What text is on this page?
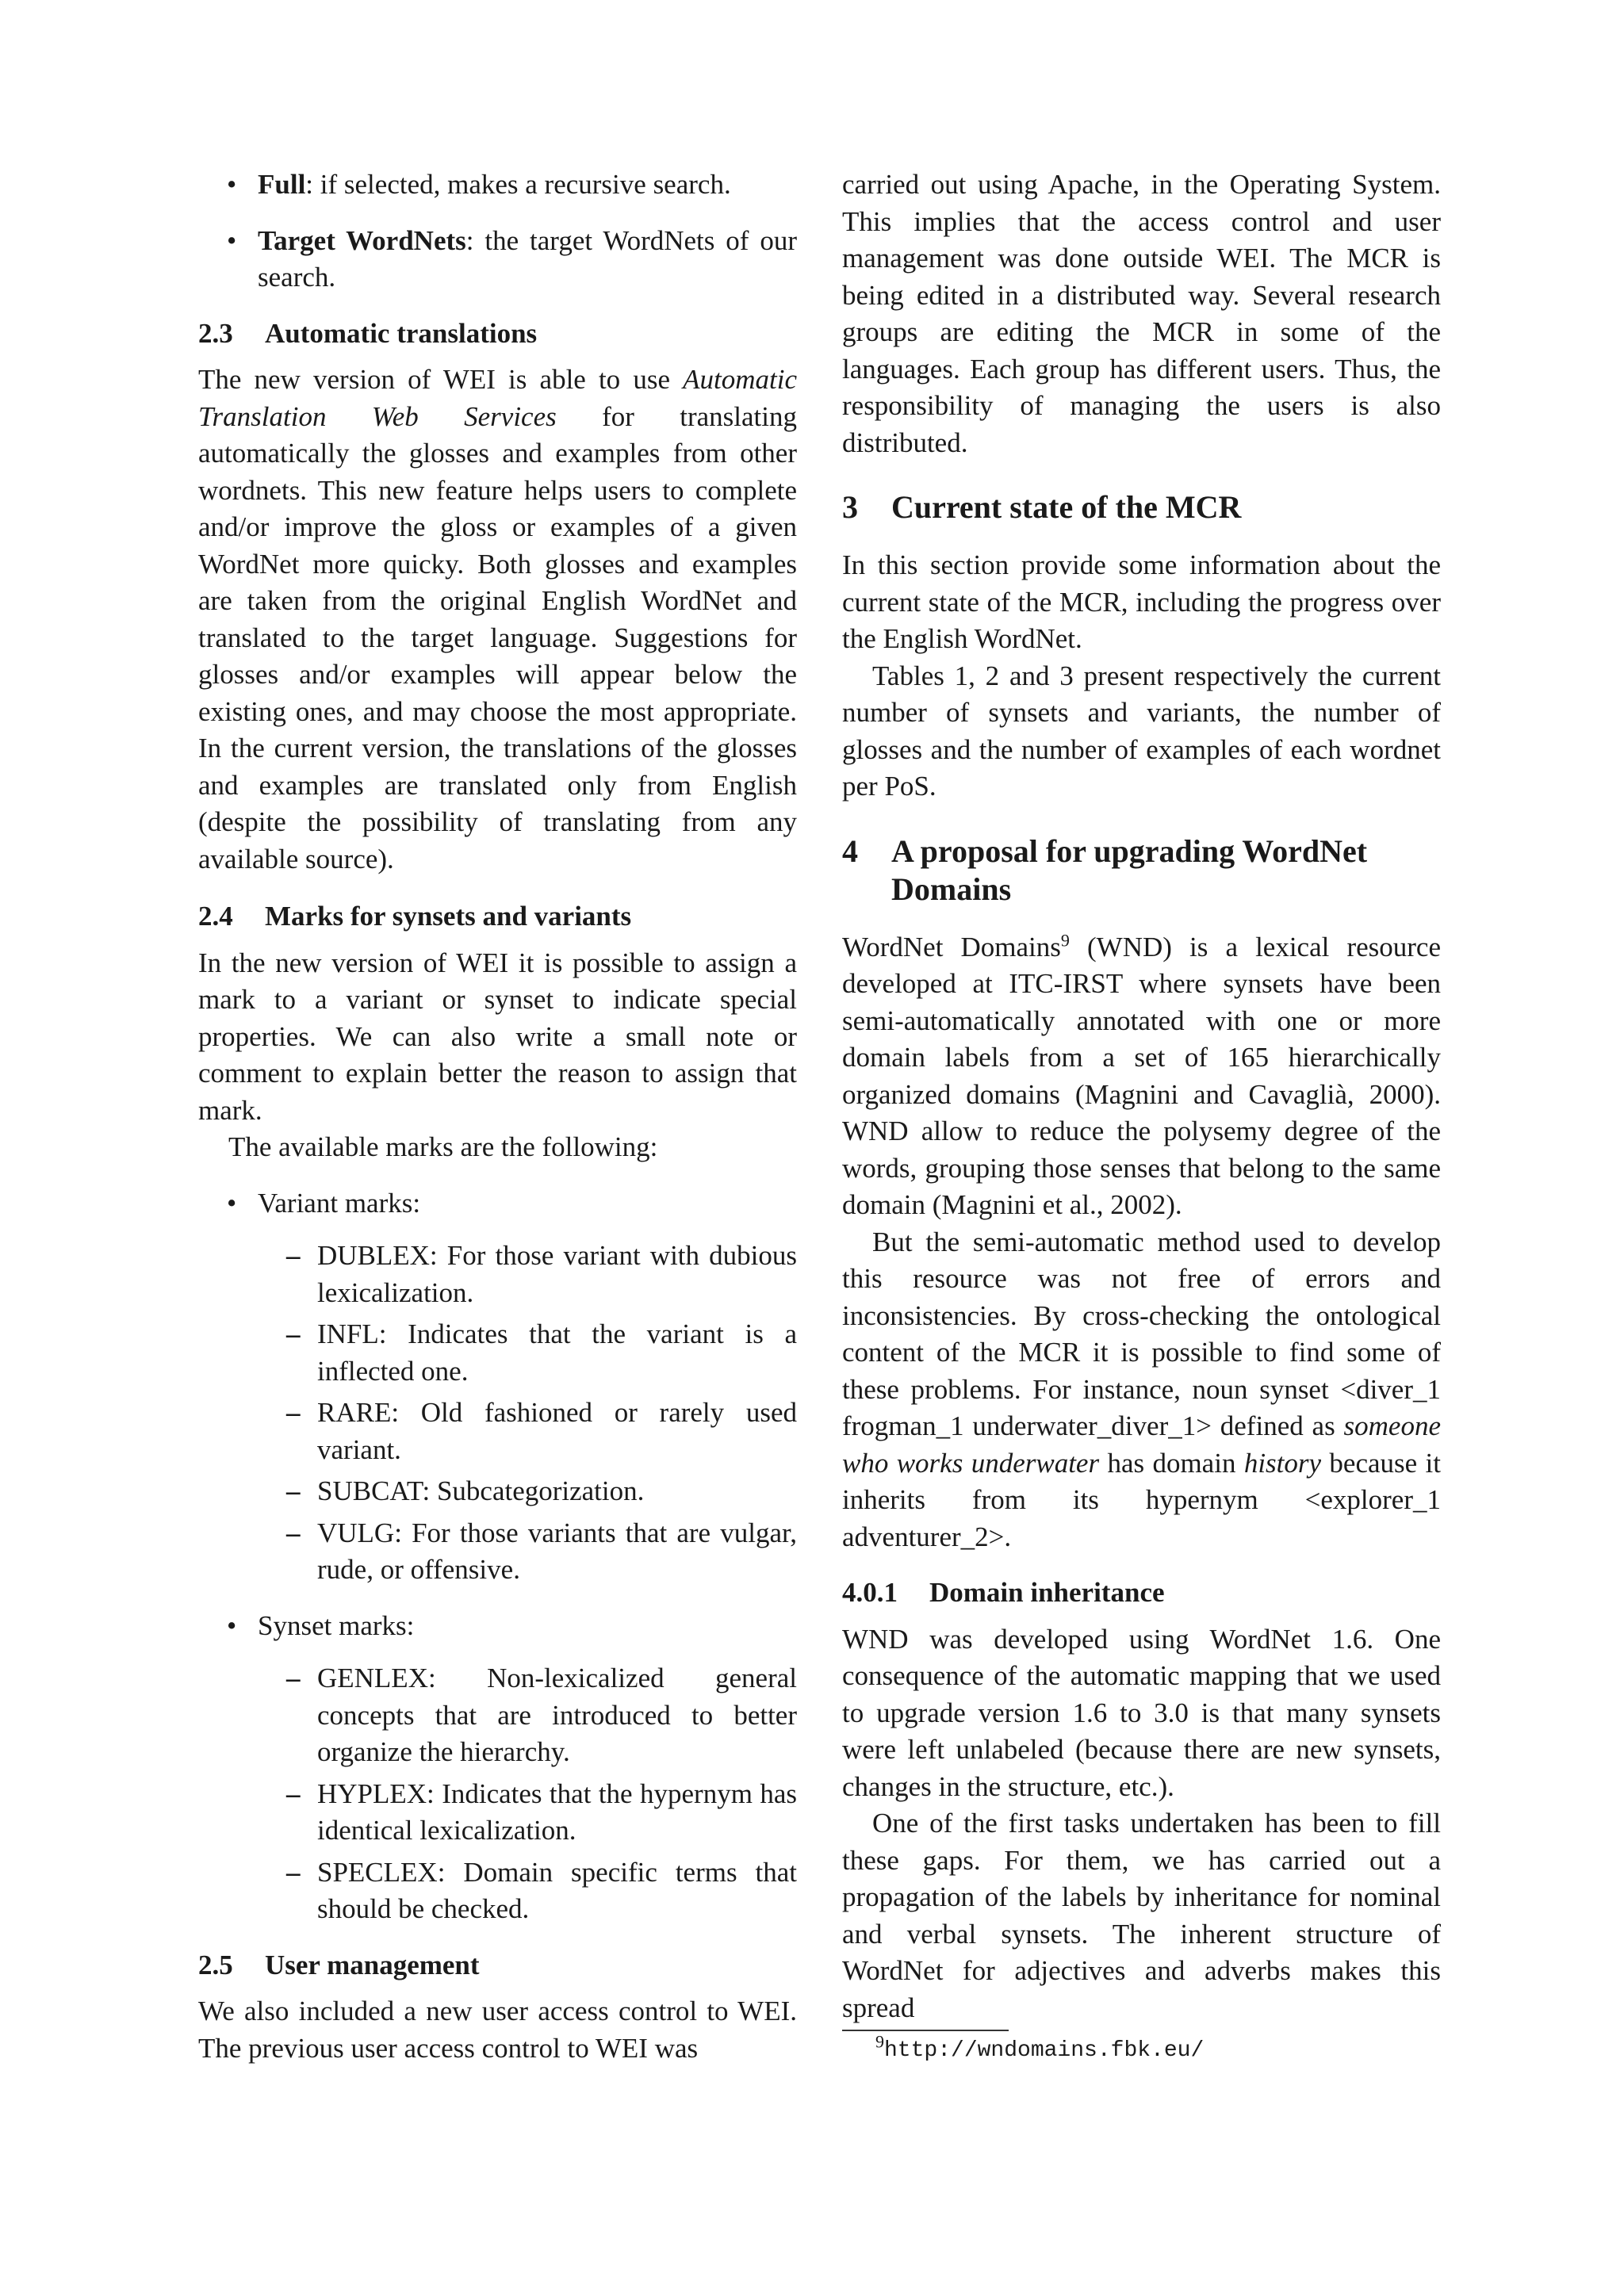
• Full: if selected, makes a recursive search.
• Target WordNets: the target WordNets of our search.
2.3	Automatic translations

The new version of WEI is able to use Automatic Translation Web Services for translating automatically the glosses and examples from other wordnets. This new feature helps users to complete and/or improve the gloss or examples of a given WordNet more quicky. Both glosses and examples are taken from the original English WordNet and translated to the target language. Suggestions for glosses and/or examples will appear below the existing ones, and may choose the most appropriate. In the current version, the translations of the glosses and examples are translated only from English (despite the possibility of translating from any available source).

2.4	Marks for synsets and variants

In the new version of WEI it is possible to assign a mark to a variant or synset to indicate special properties. We can also write a small note or comment to explain better the reason to assign that mark.

The available marks are the following:

• Variant marks:
– DUBLEX: For those variant with dubious lexicalization.
– INFL: Indicates that the variant is a inflected one.
– RARE: Old fashioned or rarely used variant.
– SUBCAT: Subcategorization.
– VULG: For those variants that are vulgar, rude, or offensive.
• Synset marks:
– GENLEX: Non-lexicalized general concepts that are introduced to better organize the hierarchy.
– HYPLEX: Indicates that the hypernym has identical lexicalization.
– SPECLEX: Domain specific terms that should be checked.
2.5	User management

We also included a new user access control to WEI. The previous user access control to WEI was

carried out using Apache, in the Operating System. This implies that the access control and user management was done outside WEI. The MCR is being edited in a distributed way. Several research groups are editing the MCR in some of the languages. Each group has different users. Thus, the responsibility of managing the users is also distributed.

3	Current state of the MCR

In this section provide some information about the current state of the MCR, including the progress over the English WordNet.

Tables 1, 2 and 3 present respectively the current number of synsets and variants, the number of glosses and the number of examples of each wordnet per PoS.

4	A proposal for upgrading WordNet Domains

WordNet Domains$^9$ (WND) is a lexical resource developed at ITC-IRST where synsets have been semi-automatically annotated with one or more domain labels from a set of 165 hierarchically organized domains (Magnini and Cavaglià, 2000). WND allow to reduce the polysemy degree of the words, grouping those senses that belong to the same domain (Magnini et al., 2002).

But the semi-automatic method used to develop this resource was not free of errors and inconsistencies. By cross-checking the ontological content of the MCR it is possible to find some of these problems. For instance, noun synset <diver_1 frogman_1 underwater_diver_1> defined as someone who works underwater has domain history because it inherits from its hypernym <explorer_1 adventurer_2>.

4.0.1	Domain inheritance

WND was developed using WordNet 1.6. One consequence of the automatic mapping that we used to upgrade version 1.6 to 3.0 is that many synsets were left unlabeled (because there are new synsets, changes in the structure, etc.).

One of the first tasks undertaken has been to fill these gaps. For them, we has carried out a propagation of the labels by inheritance for nominal and verbal synsets. The inherent structure of WordNet for adjectives and adverbs makes this spread

$^9$http://wndomains.fbk.eu/
